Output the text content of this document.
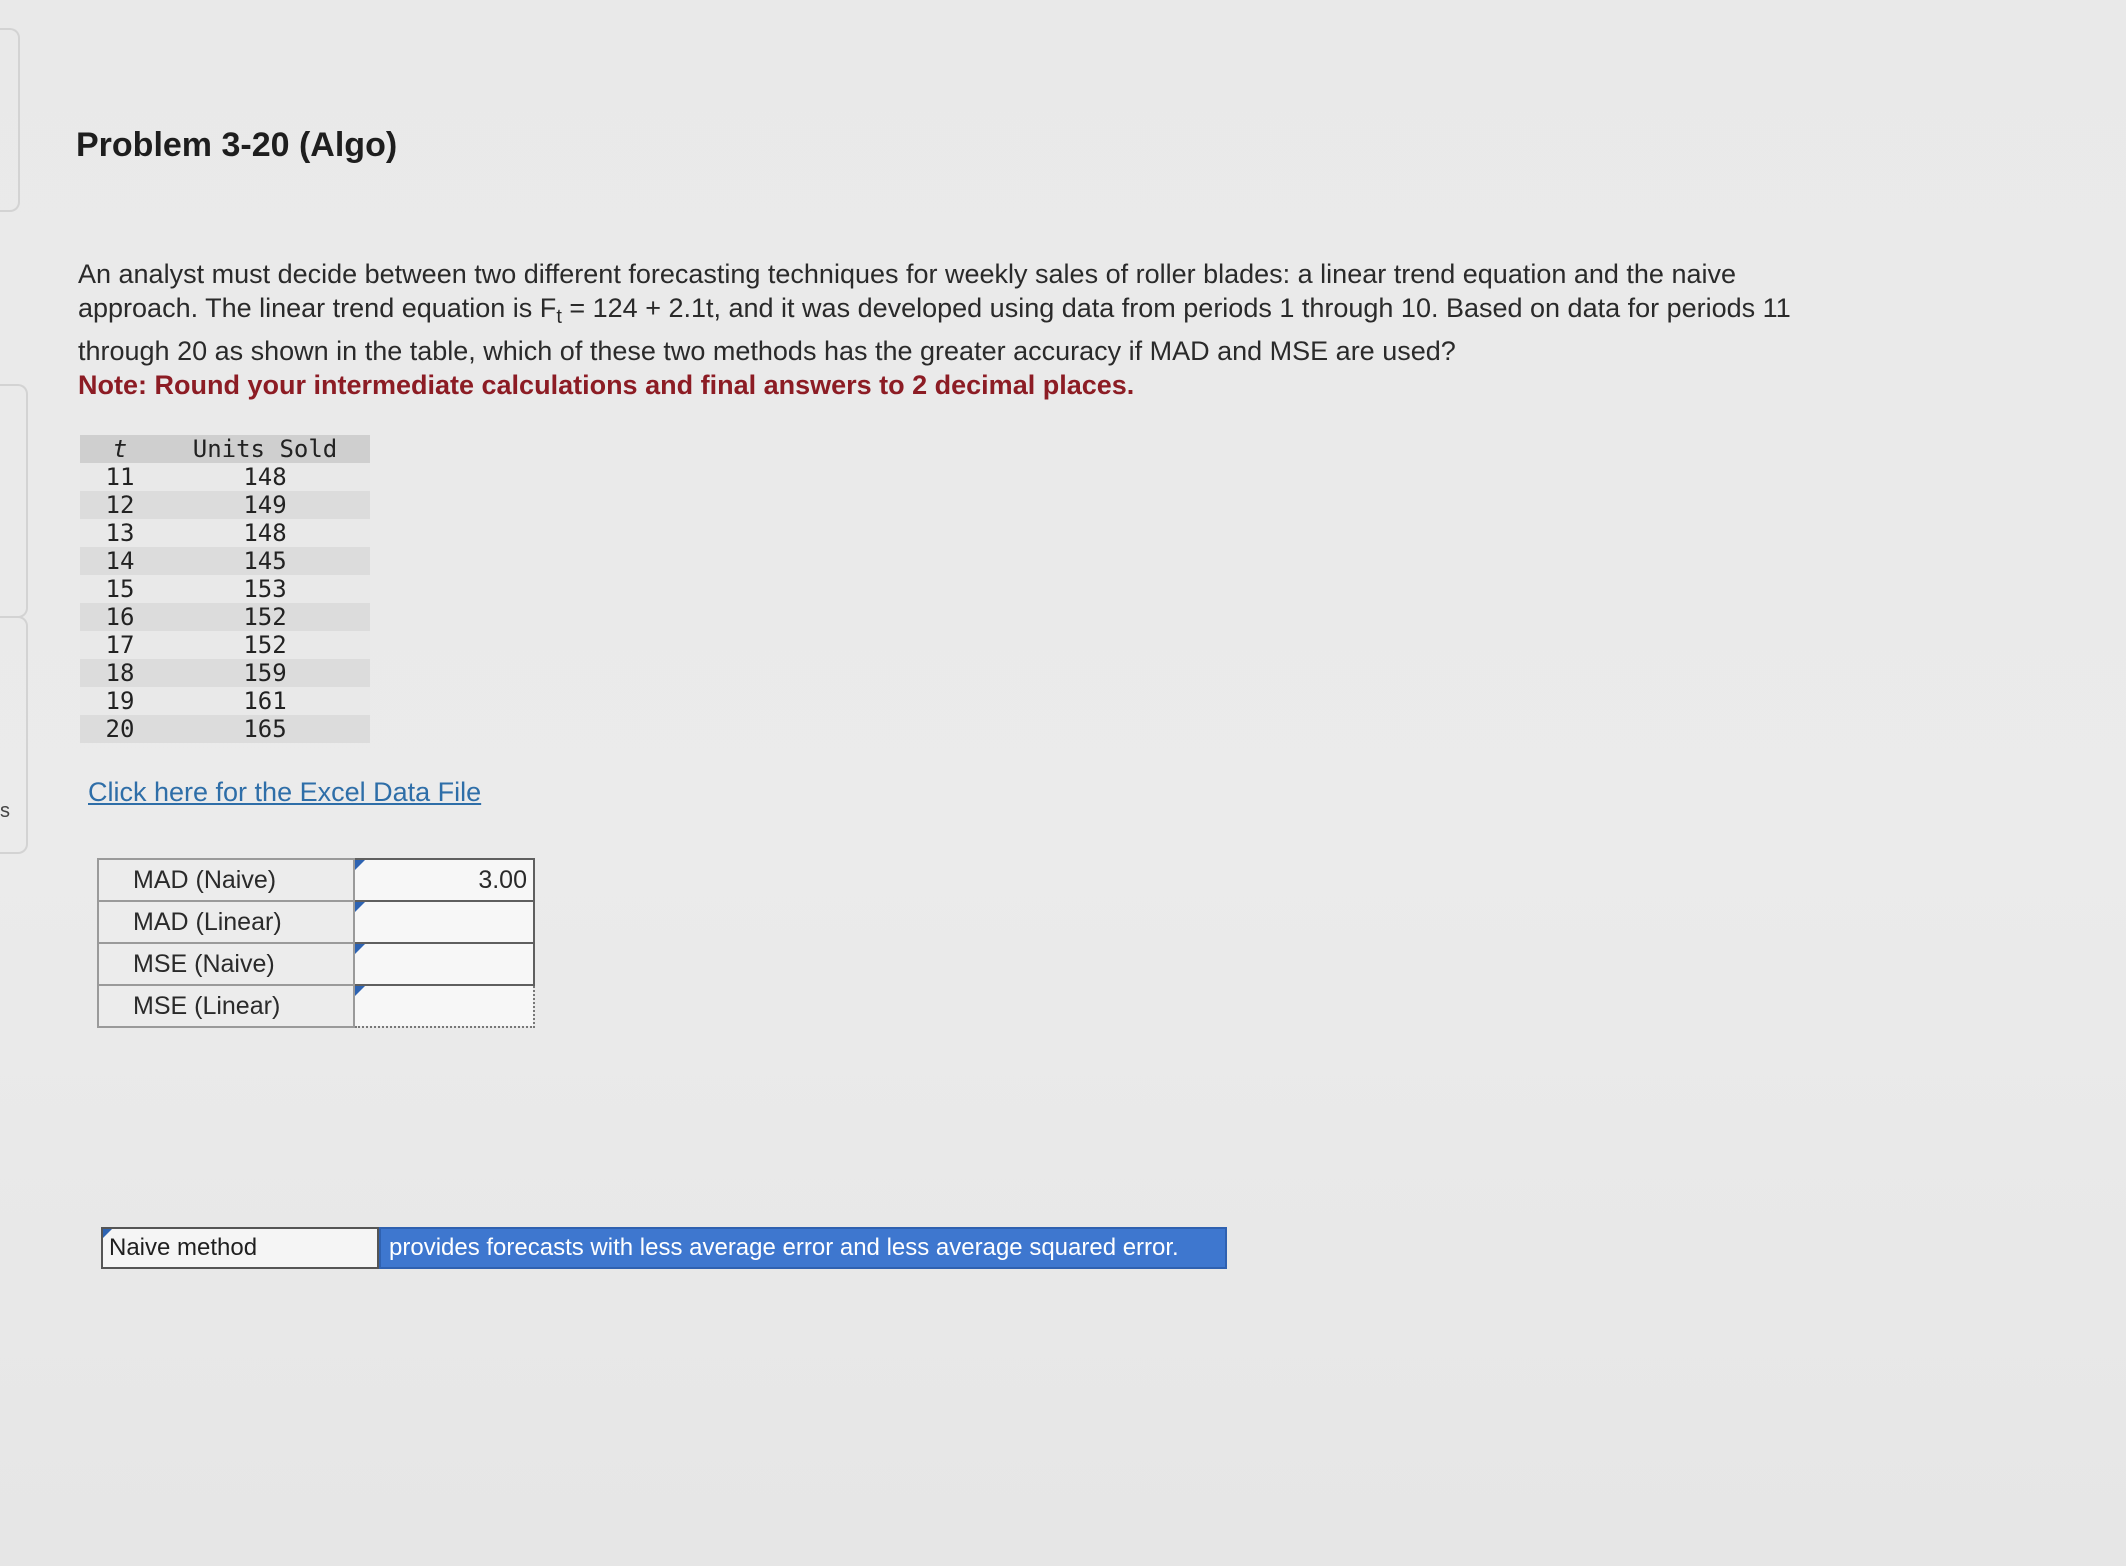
s
Problem 3-20 (Algo)

An analyst must decide between two different forecasting techniques for weekly sales of roller blades: a linear trend equation and the naive approach. The linear trend equation is $F_t = 124 + 2.1t$, and it was developed using data from periods 1 through 10. Based on data for periods 11 through 20 as shown in the table, which of these two methods has the greater accuracy if MAD and MSE are used?
Note: Round your intermediate calculations and final answers to 2 decimal places.

t	Units Sold
11	148
12	149
13	148
14	145
15	153
16	152
17	152
18	159
19	161
20	165
Click here for the Excel Data File
MAD (Naive)	3.00
MAD (Linear)	
MSE (Naive)	
MSE (Linear)	
Naive method	provides forecasts with less average error and less average squared error.
